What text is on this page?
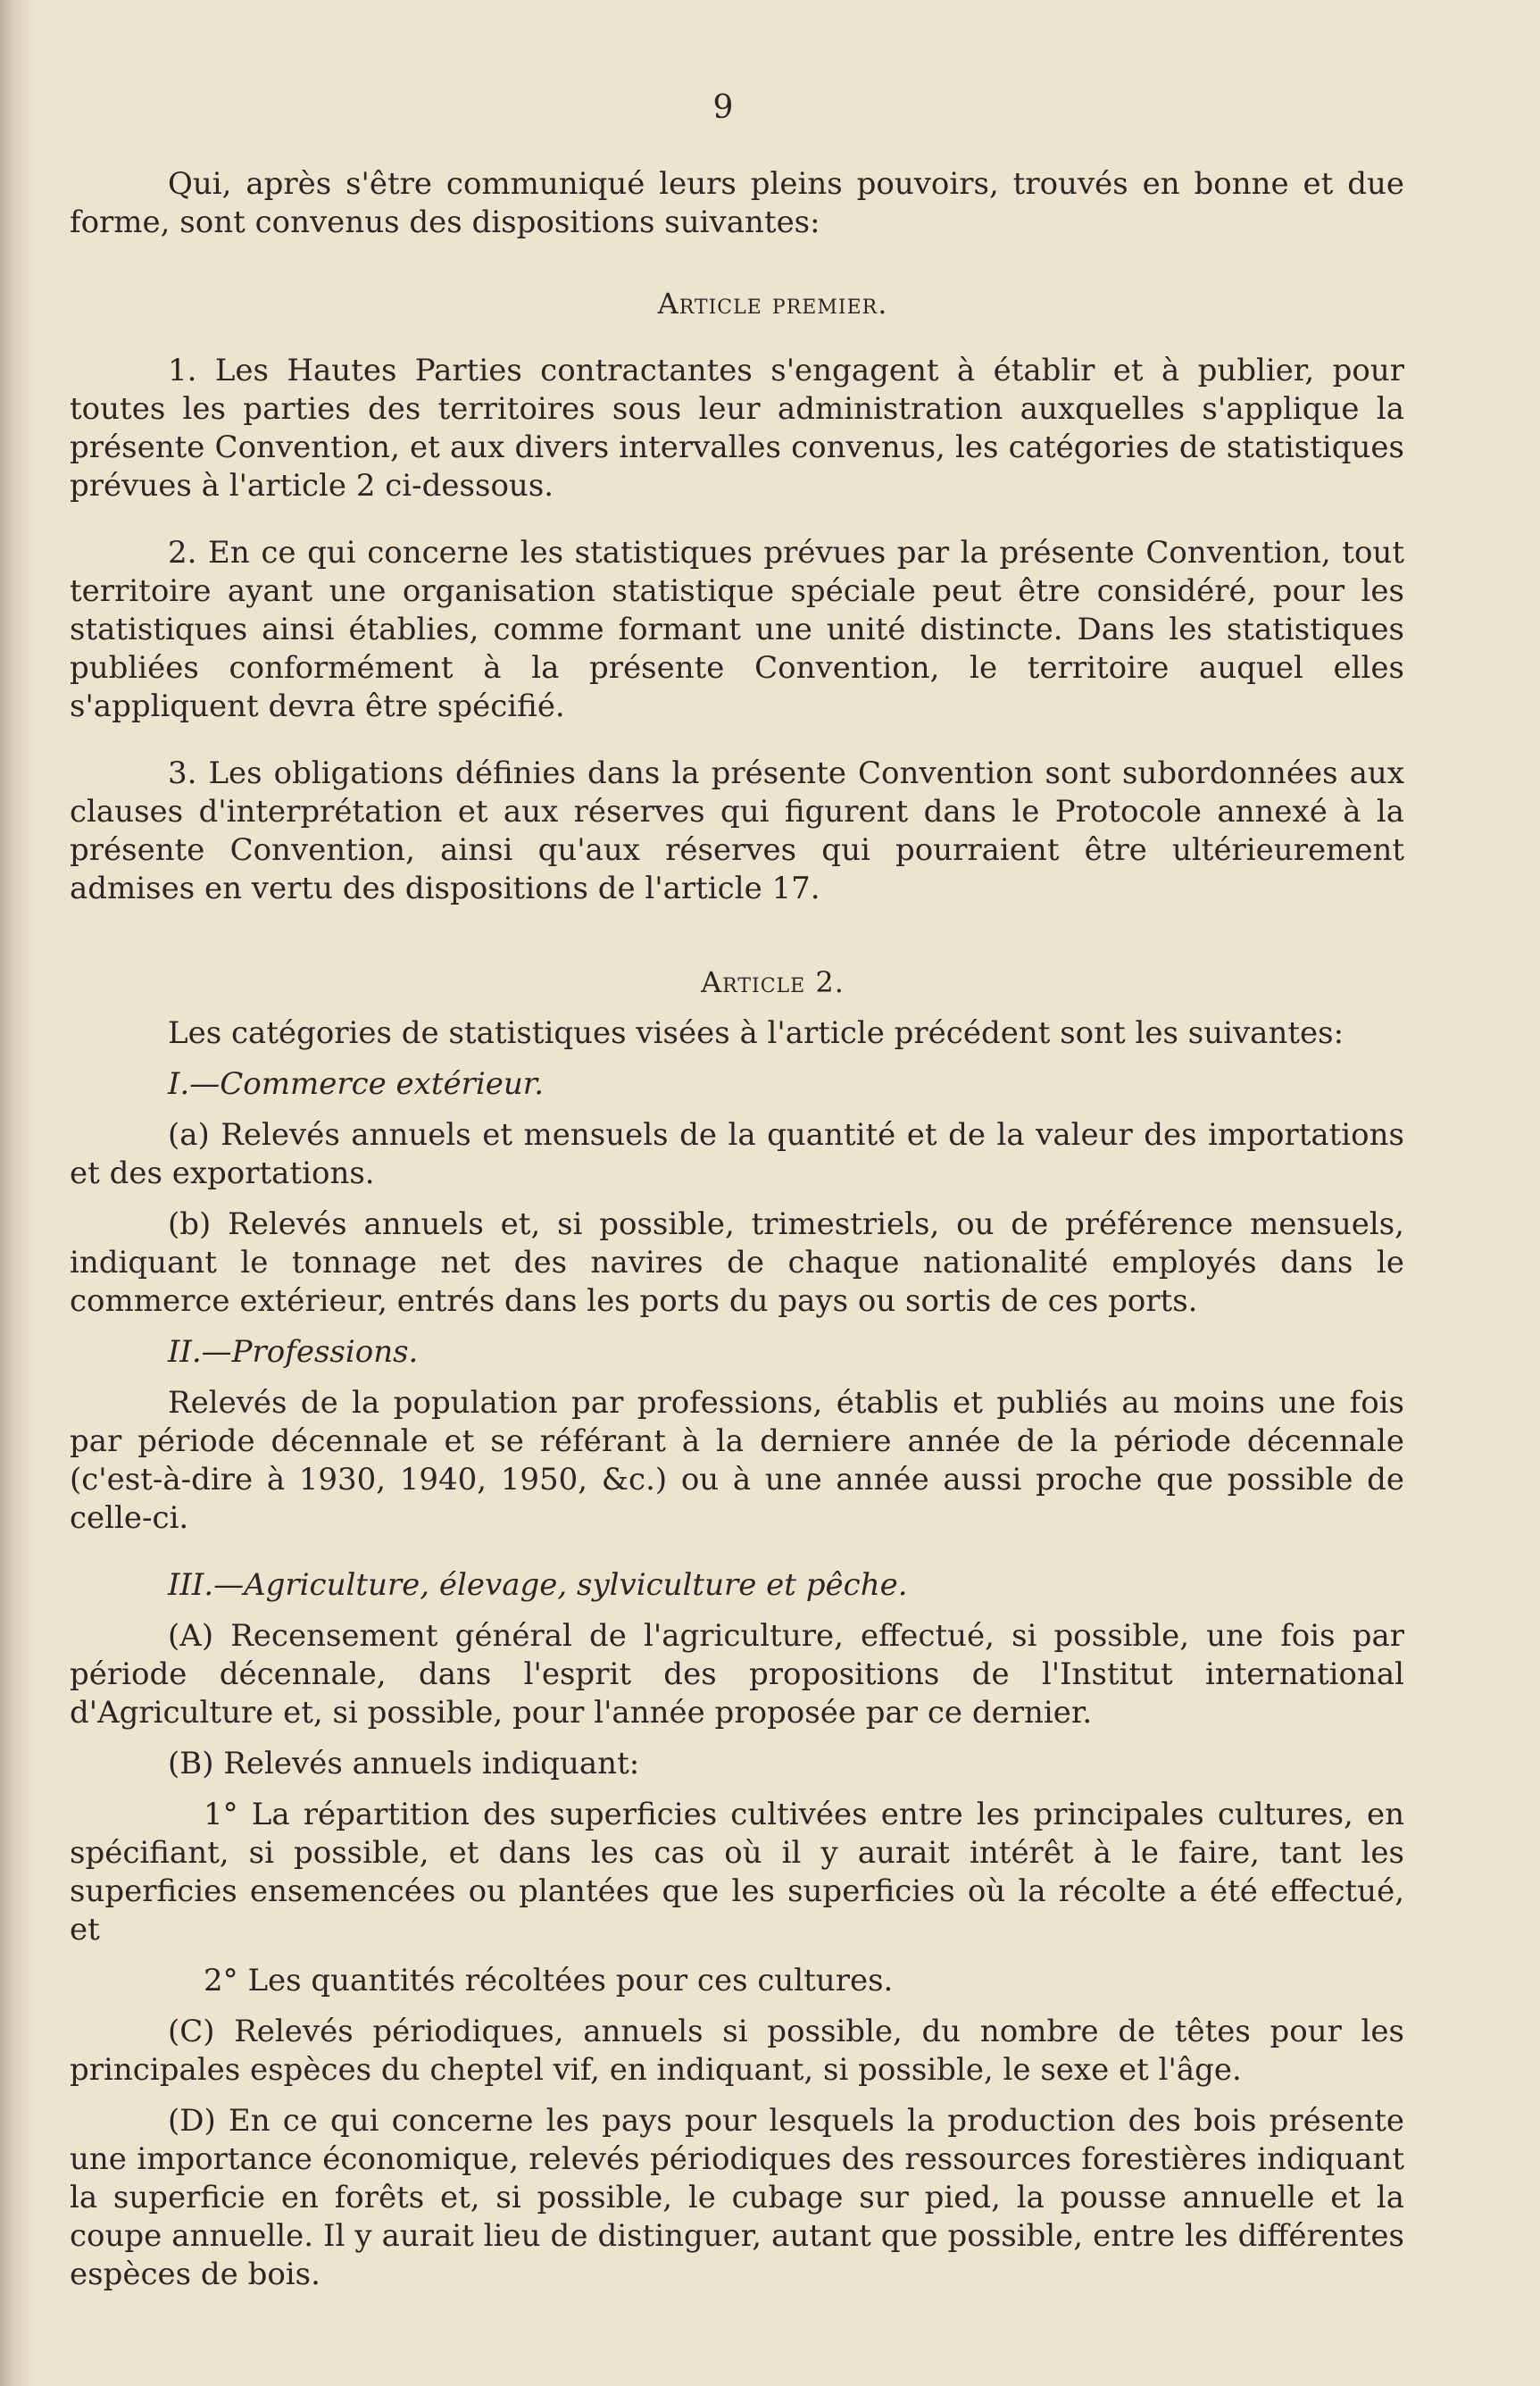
9

Qui, après s'être communiqué leurs pleins pouvoirs, trouvés en bonne et due forme, sont convenus des dispositions suivantes:

Article premier.

1. Les Hautes Parties contractantes s'engagent à établir et à publier, pour toutes les parties des territoires sous leur administration auxquelles s'applique la présente Convention, et aux divers intervalles convenus, les catégories de statistiques prévues à l'article 2 ci-dessous.

2. En ce qui concerne les statistiques prévues par la présente Convention, tout territoire ayant une organisation statistique spéciale peut être considéré, pour les statistiques ainsi établies, comme formant une unité distincte. Dans les statistiques publiées conformément à la présente Convention, le territoire auquel elles s'appliquent devra être spécifié.

3. Les obligations définies dans la présente Convention sont subordonnées aux clauses d'interprétation et aux réserves qui figurent dans le Protocole annexé à la présente Convention, ainsi qu'aux réserves qui pourraient être ultérieurement admises en vertu des dispositions de l'article 17.

Article 2.

Les catégories de statistiques visées à l'article précédent sont les suivantes:

I.—Commerce extérieur.

(a) Relevés annuels et mensuels de la quantité et de la valeur des importations et des exportations.

(b) Relevés annuels et, si possible, trimestriels, ou de préférence mensuels, indiquant le tonnage net des navires de chaque nationalité employés dans le commerce extérieur, entrés dans les ports du pays ou sortis de ces ports.

II.—Professions.

Relevés de la population par professions, établis et publiés au moins une fois par période décennale et se référant à la derniere année de la période décennale (c'est-à-dire à 1930, 1940, 1950, &c.) ou à une année aussi proche que possible de celle-ci.

III.—Agriculture, élevage, sylviculture et pêche.

(A) Recensement général de l'agriculture, effectué, si possible, une fois par période décennale, dans l'esprit des propositions de l'Institut international d'Agriculture et, si possible, pour l'année proposée par ce dernier.

(B) Relevés annuels indiquant:

1° La répartition des superficies cultivées entre les principales cultures, en spécifiant, si possible, et dans les cas où il y aurait intérêt à le faire, tant les superficies ensemencées ou plantées que les superficies où la récolte a été effectué, et

2° Les quantités récoltées pour ces cultures.

(C) Relevés périodiques, annuels si possible, du nombre de têtes pour les principales espèces du cheptel vif, en indiquant, si possible, le sexe et l'âge.

(D) En ce qui concerne les pays pour lesquels la production des bois présente une importance économique, relevés périodiques des ressources forestières indiquant la superficie en forêts et, si possible, le cubage sur pied, la pousse annuelle et la coupe annuelle. Il y aurait lieu de distinguer, autant que possible, entre les différentes espèces de bois.
